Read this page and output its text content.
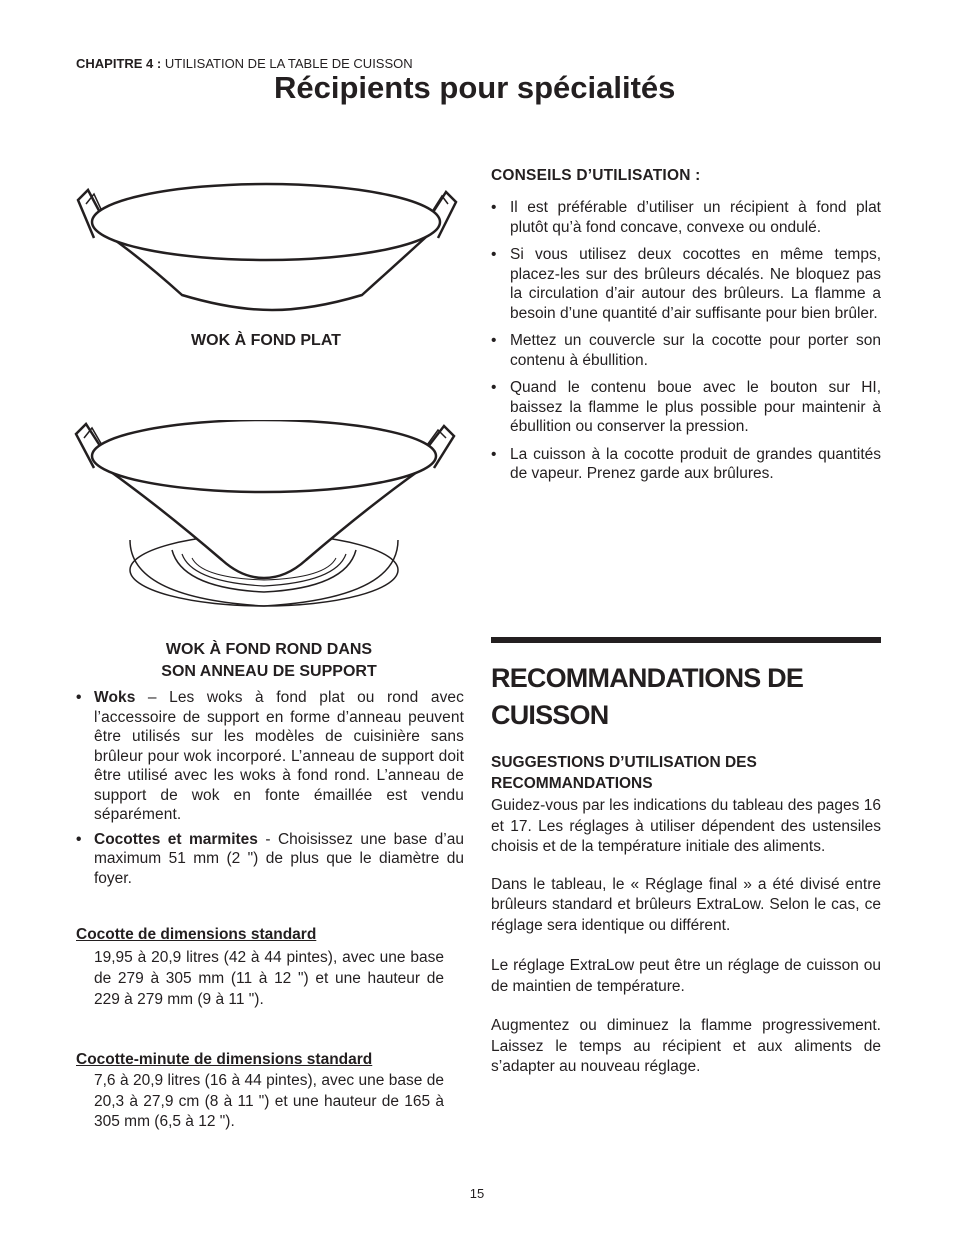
CHAPITRE 4 : UTILISATION DE LA TABLE DE CUISSON
Récipients pour spécialités
WOK À FOND PLAT
WOK À FOND ROND DANS
SON ANNEAU DE SUPPORT
• Woks – Les woks à fond plat ou rond avec l’accessoire de support en forme d’anneau peuvent être utilisés sur les modèles de cuisinière sans brûleur pour wok incorporé. L’anneau de support doit être utilisé avec les woks à fond rond. L’anneau de support de wok en fonte émaillée est vendu séparément.
• Cocottes et marmites - Choisissez une base d’au maximum 51 mm (2 ") de plus que le diamètre du foyer.
Cocotte de dimensions standard

19,95 à 20,9 litres (42 à 44 pintes), avec une base de 279 à 305 mm (11 à 12 ") et une hauteur de 229 à 279 mm (9 à 11 ").

Cocotte-minute de dimensions standard

7,6 à 20,9 litres (16 à 44 pintes), avec une base de 20,3 à 27,9 cm (8 à 11 ") et une hauteur de 165 à 305 mm (6,5 à 12 ").

CONSEILS D’UTILISATION :
• Il est préférable d’utiliser un récipient à fond plat plutôt qu’à fond concave, convexe ou ondulé.
• Si vous utilisez deux cocottes en même temps, placez-les sur des brûleurs décalés. Ne bloquez pas la circulation d’air autour des brûleurs. La flamme a besoin d’une quantité d’air suffisante pour bien brûler.
• Mettez un couvercle sur la cocotte pour porter son contenu à ébullition.
• Quand le contenu boue avec le bouton sur HI, baissez la flamme le plus possible pour maintenir à ébullition ou conserver la pression.
• La cuisson à la cocotte produit de grandes quantités de vapeur. Prenez garde aux brûlures.
RECOMMANDATIONS DE
CUISSON
SUGGESTIONS D’UTILISATION DES RECOMMANDATIONS

Guidez-vous par les indications du tableau des pages 16 et 17. Les réglages à utiliser dépendent des ustensiles choisis et de la température initiale des aliments.

Dans le tableau, le « Réglage final » a été divisé entre brûleurs standard et brûleurs ExtraLow. Selon le cas, ce réglage sera identique ou différent.

Le réglage ExtraLow peut être un réglage de cuisson ou de maintien de température.

Augmentez ou diminuez la flamme progressivement. Laissez le temps au récipient et aux aliments de s’adapter au nouveau réglage.

15
